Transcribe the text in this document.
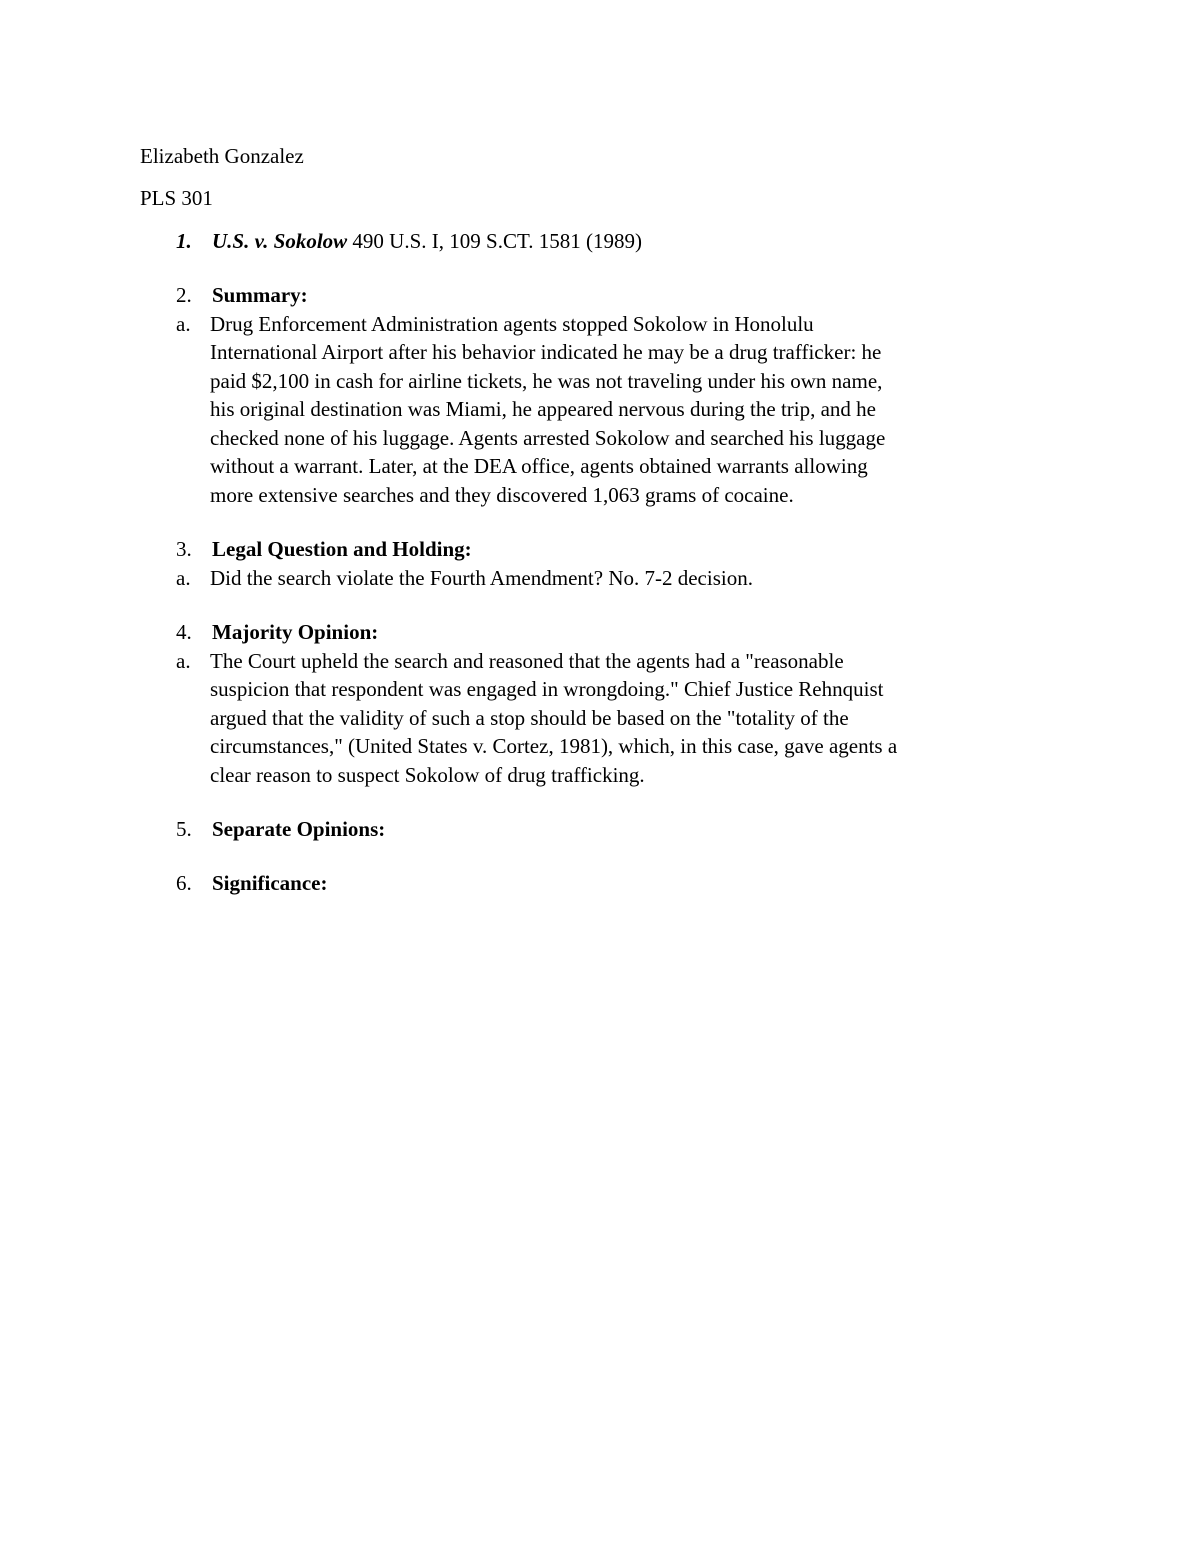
Elizabeth Gonzalez
PLS 301
1. U.S. v. Sokolow 490 U.S. I, 109 S.CT. 1581 (1989)
2. Summary:
a. Drug Enforcement Administration agents stopped Sokolow in Honolulu
International Airport after his behavior indicated he may be a drug trafficker: he
paid $2,100 in cash for airline tickets, he was not traveling under his own name,
his original destination was Miami, he appeared nervous during the trip, and he
checked none of his luggage. Agents arrested Sokolow and searched his luggage
without a warrant. Later, at the DEA office, agents obtained warrants allowing
more extensive searches and they discovered 1,063 grams of cocaine.
3. Legal Question and Holding:
a. Did the search violate the Fourth Amendment? No. 7-2 decision.
4. Majority Opinion:
a. The Court upheld the search and reasoned that the agents had a "reasonable
suspicion that respondent was engaged in wrongdoing." Chief Justice Rehnquist
argued that the validity of such a stop should be based on the "totality of the
circumstances," (United States v. Cortez, 1981), which, in this case, gave agents a
clear reason to suspect Sokolow of drug trafficking.
5. Separate Opinions:
6. Significance:
